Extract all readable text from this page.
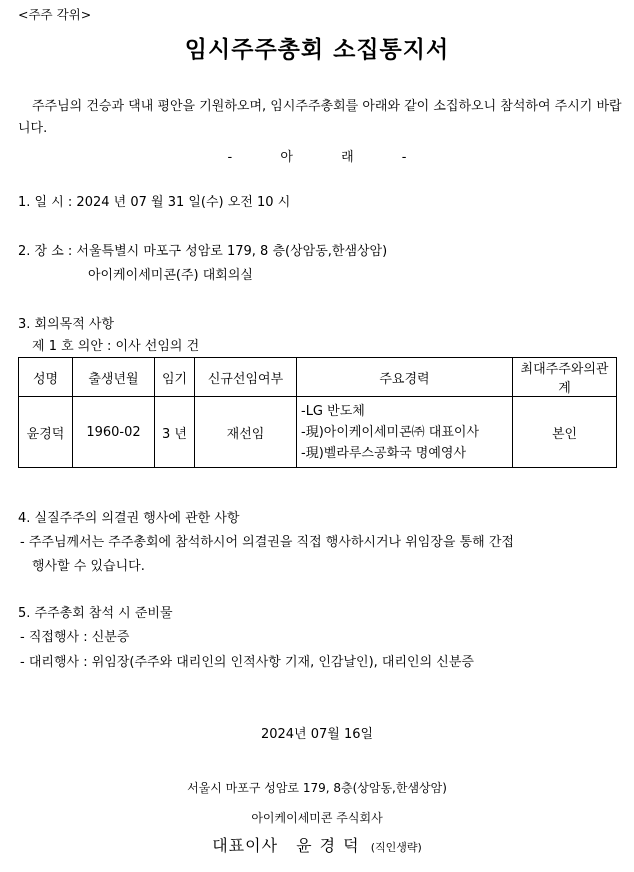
<주주 각위>
임시주주총회 소집통지서
주주님의 건승과 댁내 평안을 기원하오며, 임시주주총회를 아래와 같이 소집하오니 참석하여 주시기 바랍니다.
-	아	래	-
1. 일 시 : 2024 년 07 월 31 일(수) 오전 10 시
2. 장 소 : 서울특별시 마포구 성암로 179, 8 층(상암동,한샘상암)
아이케이세미콘(주) 대회의실
3. 회의목적 사항
제 1 호 의안 : 이사 선임의 건
성명	출생년월	임기	신규선임여부	주요경력	최대주주와의관계
윤경덕	1960-02	3 년	재선임	-LG 반도체
-現)아이케이세미콘㈜ 대표이사
-現)벨라루스공화국 명예영사	본인
4. 실질주주의 의결권 행사에 관한 사항
- 주주님께서는 주주총회에 참석하시어 의결권을 직접 행사하시거나 위임장을 통해 간접
행사할 수 있습니다.
5. 주주총회 참석 시 준비물
- 직접행사 : 신분증
- 대리행사 : 위임장(주주와 대리인의 인적사항 기재, 인감날인), 대리인의 신분증
2024년 07월 16일
서울시 마포구 성암로 179, 8층(상암동,한샘상암)
아이케이세미콘 주식회사
대표이사 윤경덕 (직인생략)
